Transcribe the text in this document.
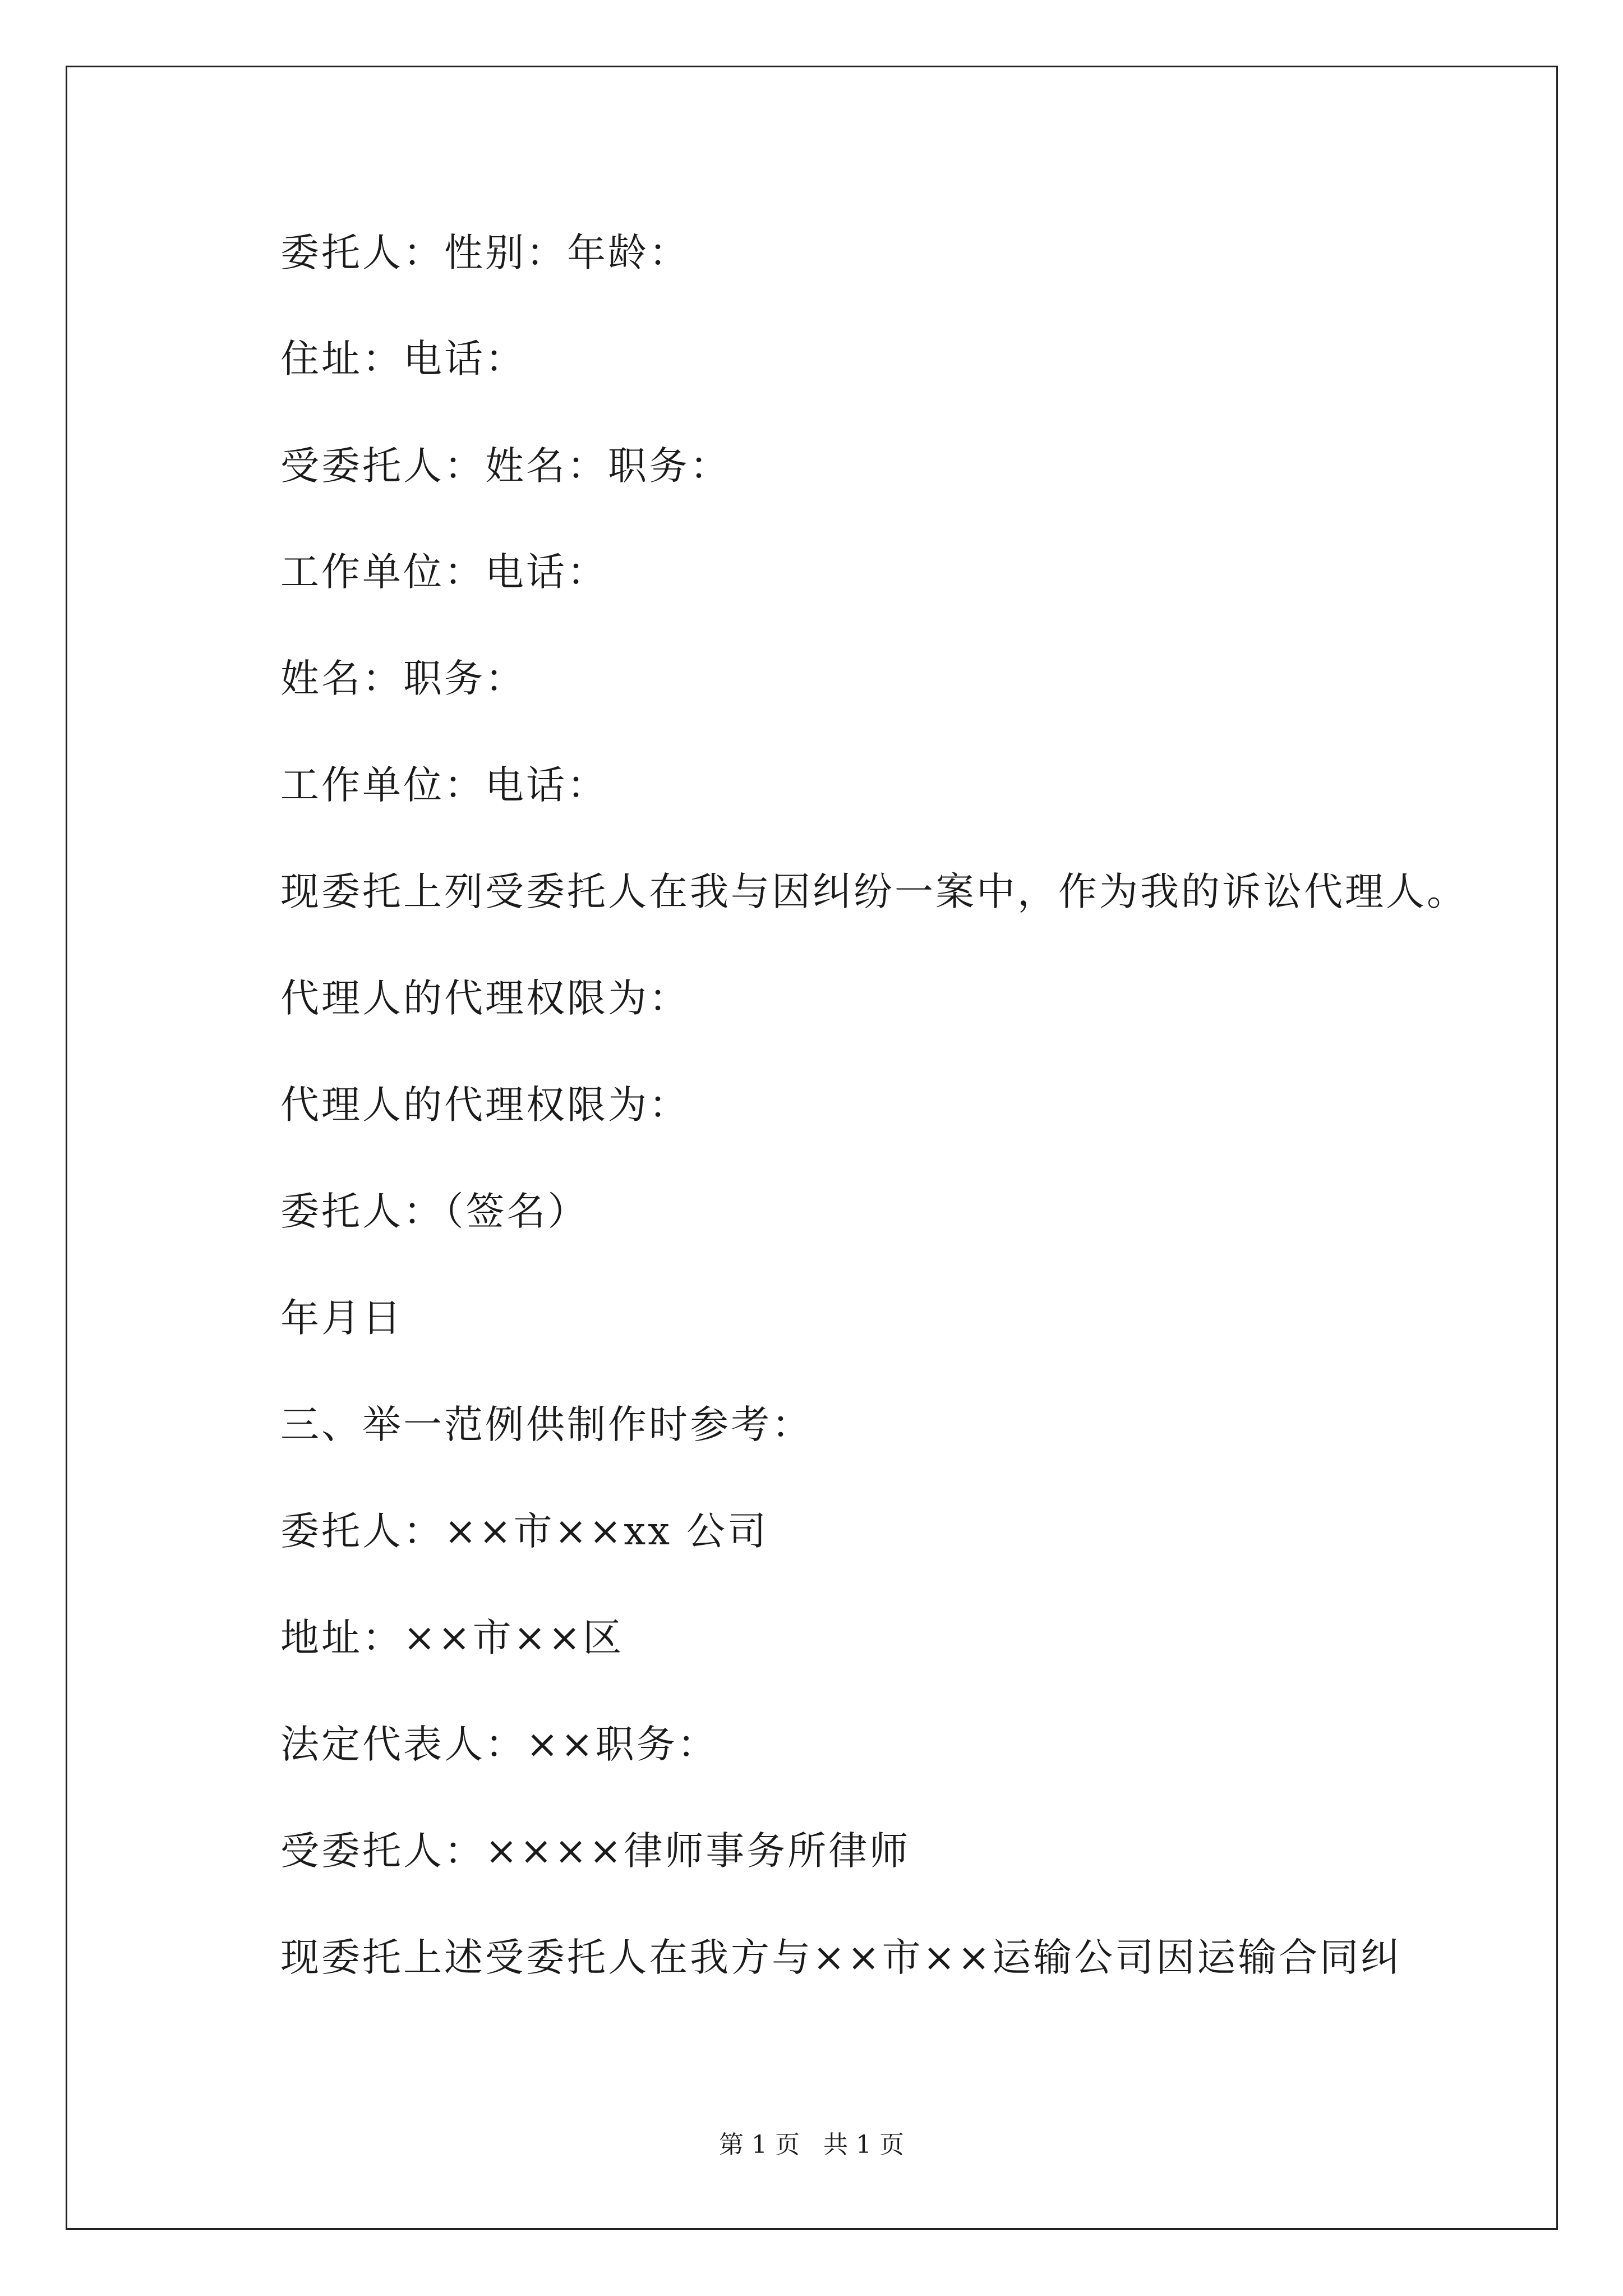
委托人：性别：年龄：
住址：电话：
受委托人：姓名：职务：
工作单位：电话：
姓名：职务：
工作单位：电话：
现委托上列受委托人在我与因纠纷一案中，作为我的诉讼代理人。
代理人的代理权限为：
代理人的代理权限为：
委托人：（签名）
年月日
三、举一范例供制作时参考：
委托人：××市××xx 公司
地址：××市××区
法定代表人：××职务：
受委托人：××××律师事务所律师
现委托上述受委托人在我方与××市××运输公司因运输合同纠
第 1 页   共 1 页
